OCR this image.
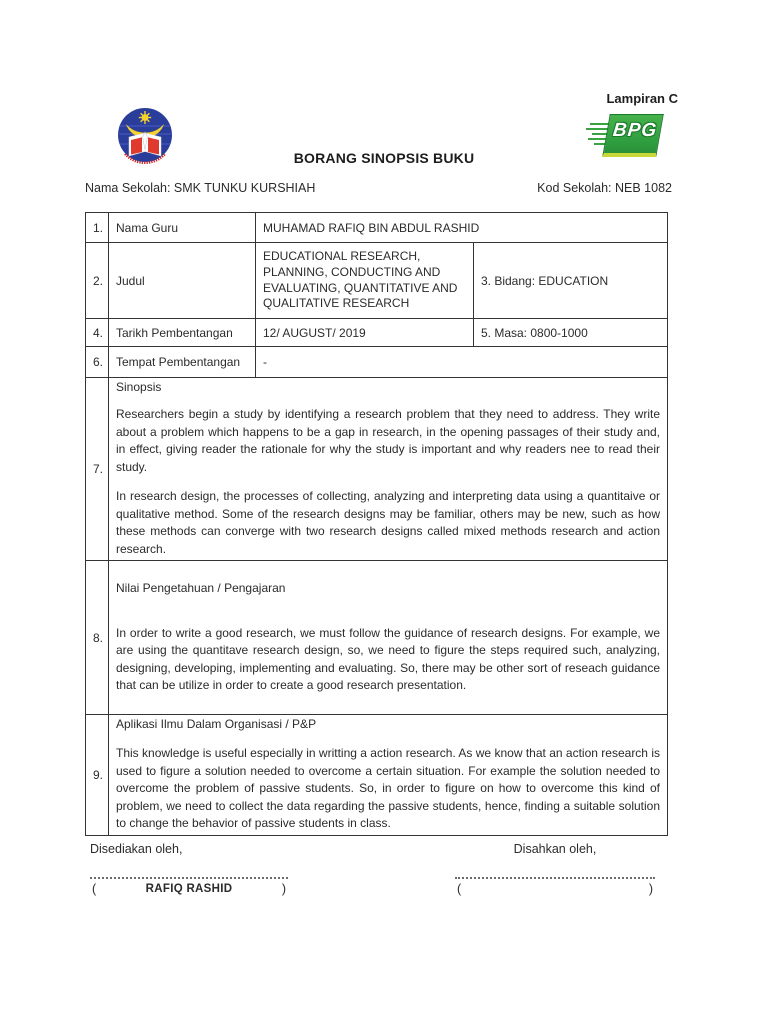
Lampiran C
BPG
BORANG SINOPSIS BUKU
Nama Sekolah: SMK TUNKU KURSHIAH	Kod Sekolah: NEB 1082
1.	Nama Guru	MUHAMAD RAFIQ BIN ABDUL RASHID	
2.	Judul	EDUCATIONAL RESEARCH, PLANNING, CONDUCTING AND EVALUATING, QUANTITATIVE AND QUALITATIVE RESEARCH	3. Bidang: EDUCATION
4.	Tarikh Pembentangan	12/ AUGUST/ 2019	5. Masa: 0800-1000
6.	Tempat Pembentangan	-	
7.	Sinopsis

Researchers begin a study by identifying a research problem that they need to address. They write about a problem which happens to be a gap in research, in the opening passages of their study and, in effect, giving reader the rationale for why the study is important and why readers nee to read their study.

In research design, the processes of collecting, analyzing and interpreting data using a quantitaive or qualitative method. Some of the research designs may be familiar, others may be new, such as how these methods can converge with two research designs called mixed methods research and action research.		

8.	Nilai Pengetahuan / Pengajaran

In order to write a good research, we must follow the guidance of research designs. For example, we are using the quantitave research design, so, we need to figure the steps required such, analyzing, designing, developing, implementing and evaluating. So, there may be other sort of reseach guidance that can be utilize in order to create a good research presentation.		

9.	Aplikasi Ilmu Dalam Organisasi / P&P

This knowledge is useful especially in writting a action research. As we know that an action research is used to figure a solution needed to overcome a certain situation. For example the solution needed to overcome the problem of passive students. So, in order to figure on how to overcome this kind of problem, we need to collect the data regarding the passive students, hence, finding a suitable solution to change the behavior of passive students in class.		

Disediakan oleh,
(	RAFIQ RASHID	)
Disahkan oleh,
(	)
